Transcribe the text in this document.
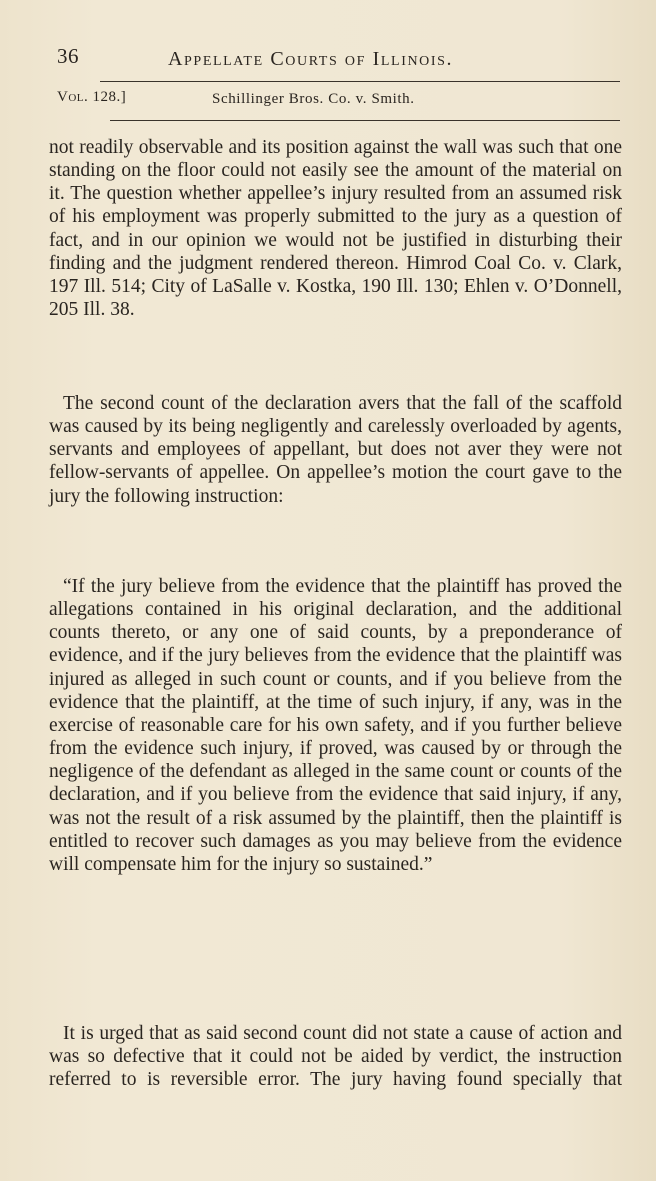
36	Appellate Courts of Illinois.
Vol. 128.]	Schillinger Bros. Co. v. Smith.

not readily observable and its position against the wall was such that one standing on the floor could not easily see the amount of the material on it. The question whether appellee’s injury resulted from an assumed risk of his employment was properly submitted to the jury as a question of fact, and in our opinion we would not be justified in disturbing their finding and the judgment rendered thereon. Himrod Coal Co. v. Clark, 197 Ill. 514; City of LaSalle v. Kostka, 190 Ill. 130; Ehlen v. O’Donnell, 205 Ill. 38.

The second count of the declaration avers that the fall of the scaffold was caused by its being negligently and carelessly overloaded by agents, servants and employees of appellant, but does not aver they were not fellow-servants of appellee. On appellee’s motion the court gave to the jury the following instruction:

“If the jury believe from the evidence that the plaintiff has proved the allegations contained in his original declaration, and the additional counts thereto, or any one of said counts, by a preponderance of evidence, and if the jury believes from the evidence that the plaintiff was injured as alleged in such count or counts, and if you believe from the evidence that the plaintiff, at the time of such injury, if any, was in the exercise of reasonable care for his own safety, and if you further believe from the evidence such injury, if proved, was caused by or through the negligence of the defendant as alleged in the same count or counts of the declaration, and if you believe from the evidence that said injury, if any, was not the result of a risk assumed by the plaintiff, then the plaintiff is entitled to recover such damages as you may believe from the evidence will compensate him for the injury so sustained.”

It is urged that as said second count did not state a cause of action and was so defective that it could not be aided by verdict, the instruction referred to is reversible error. The jury having found specially that
